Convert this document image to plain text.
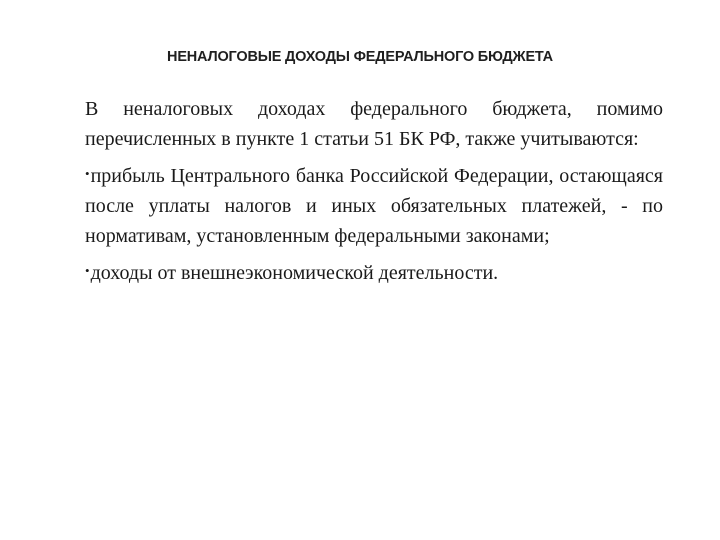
НЕНАЛОГОВЫЕ ДОХОДЫ ФЕДЕРАЛЬНОГО БЮДЖЕТА

В неналоговых доходах федерального бюджета, помимо перечисленных в пункте 1 статьи 51 БК РФ, также учитываются:

•прибыль Центрального банка Российской Федерации, остающаяся после уплаты налогов и иных обязательных платежей, - по нормативам, установленным федеральными законами;

•доходы от внешнеэкономической деятельности.
